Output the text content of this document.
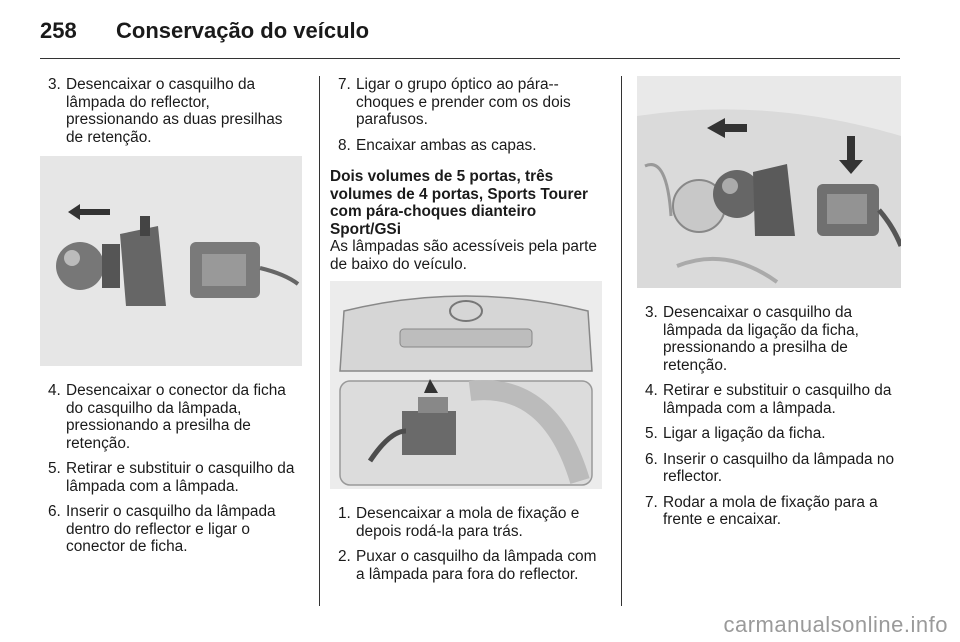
258 Conservação do veículo
3. Desencaixar o casquilho da lâmpada do reflector, pressionando as duas presilhas de retenção.
4. Desencaixar o conector da ficha do casquilho da lâmpada, pressionando a presilha de retenção.
5. Retirar e substituir o casquilho da lâmpada com a lâmpada.
6. Inserir o casquilho da lâmpada dentro do reflector e ligar o conector de ficha.
7. Ligar o grupo óptico ao pára--choques e prender com os dois parafusos.
8. Encaixar ambas as capas.

Dois volumes de 5 portas, três volumes de 4 portas, Sports Tourer com pára-choques dianteiro Sport/GSi

As lâmpadas são acessíveis pela parte de baixo do veículo.

1. Desencaixar a mola de fixação e depois rodá-la para trás.
2. Puxar o casquilho da lâmpada com a lâmpada para fora do reflector.
3. Desencaixar o casquilho da lâmpada da ligação da ficha, pressionando a presilha de retenção.
4. Retirar e substituir o casquilho da lâmpada com a lâmpada.
5. Ligar a ligação da ficha.
6. Inserir o casquilho da lâmpada no reflector.
7. Rodar a mola de fixação para a frente e encaixar.
carmanualsonline.info
